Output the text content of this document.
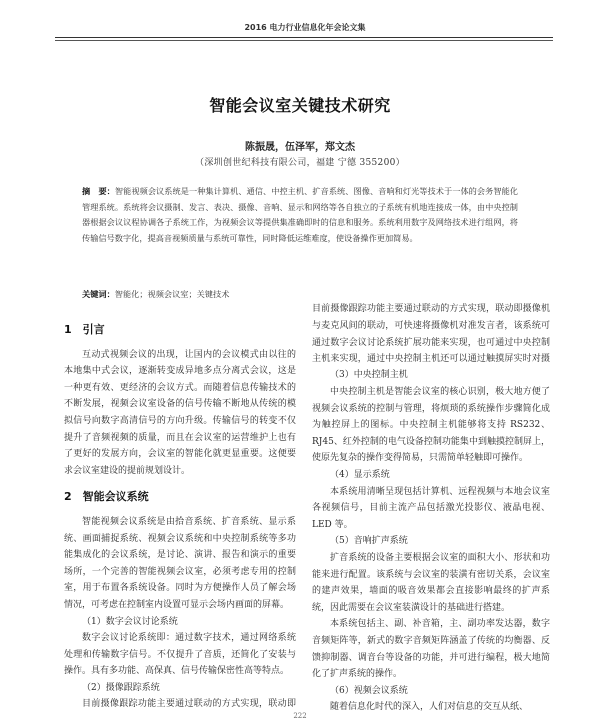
2016 电力行业信息化年会论文集
智能会议室关键技术研究
陈振晟，伍泽军，郑文杰
（深圳创世纪科技有限公司，福建 宁德 355200）
摘　要：智能视频会议系统是一种集计算机、通信、中控主机、扩音系统、图像、音响和灯光等技术于一体的会务智能化管理系统。系统将会议摄制、发言、表决、摄像、音响、显示和网络等各自独立的子系统有机地连接成一体，由中央控制器根据会议议程协调各子系统工作，为视频会议等提供集准确即时的信息和服务。系统利用数字及网络技术进行组网，将传输信号数字化，提高音视频质量与系统可靠性，同时降低运维难度，使设备操作更加简易。
关键词：智能化；视频会议室；关键技术
1　引言

互动式视频会议的出现，让国内的会议模式由以往的本地集中式会议，逐渐转变成异地多点分离式会议，这是一种更有效、更经济的会议方式。而随着信息传输技术的不断发展，视频会议室设备的信号传输不断地从传统的模拟信号向数字高清信号的方向升级。传输信号的转变不仅提升了音频视频的质量，而且在会议室的运营维护上也有了更好的发展方向，会议室的智能化就更显重要。这便要求会议室建设的提前规划设计。

2　智能会议系统

智能视频会议系统是由拾音系统、扩音系统、显示系统、画面捕捉系统、视频会议系统和中央控制系统等多功能集成化的会议系统，是讨论、演讲、报告和演示的重要场所，一个完善的智能视频会议室，必须考虑专用的控制室，用于布置各系统设备。同时为方便操作人员了解会场情况，可考虑在控制室内设置可显示会场内画面的屏幕。

（1）数字会议讨论系统

数字会议讨论系统即：通过数字技术，通过网络系统处理和传输数字信号。不仅提升了音质，还简化了安装与操作。具有多功能、高保真、信号传输保密性高等特点。

（2）摄像跟踪系统

目前摄像跟踪功能主要通过联动的方式实现，联动即

目前摄像跟踪功能主要通过联动的方式实现，联动即摄像机与麦克风间的联动，可快速将摄像机对准发言者，该系统可通过数字会议讨论系统扩展功能来实现，也可通过中央控制主机来实现，通过中央控制主机还可以通过触摸屏实时对摄

（3）中央控制主机

中央控制主机是智能会议室的核心识别，极大地方便了视频会议系统的控制与管理，将烦琐的系统操作步骤简化成为触控屏上的图标。中央控制主机能够将支持 RS232、RJ45、红外控制的电气设备控制功能集中到触摸控制屏上，使原先复杂的操作变得简易，只需简单轻触即可操作。

（4）显示系统

本系统用清晰呈现包括计算机、远程视频与本地会议室各视频信号，目前主流产品包括激光投影仪、液晶电视、LED 等。

（5）音响扩声系统

扩音系统的设备主要根据会议室的面积大小、形状和功能来进行配置。该系统与会议室的装潢有密切关系，会议室的建声效果，墙面的吸音效果都会直接影响最终的扩声系统，因此需要在会议室装潢设计的基础进行搭建。

本系统包括主、副、补音箱，主、副功率发达器，数字音频矩阵等，新式的数字音频矩阵涵盖了传统的均衡器、反馈抑制器、调音台等设备的功能，并可进行编程，极大地简化了扩声系统的操作。

（6）视频会议系统

随着信息化时代的深入，人们对信息的交互从纸、

222
